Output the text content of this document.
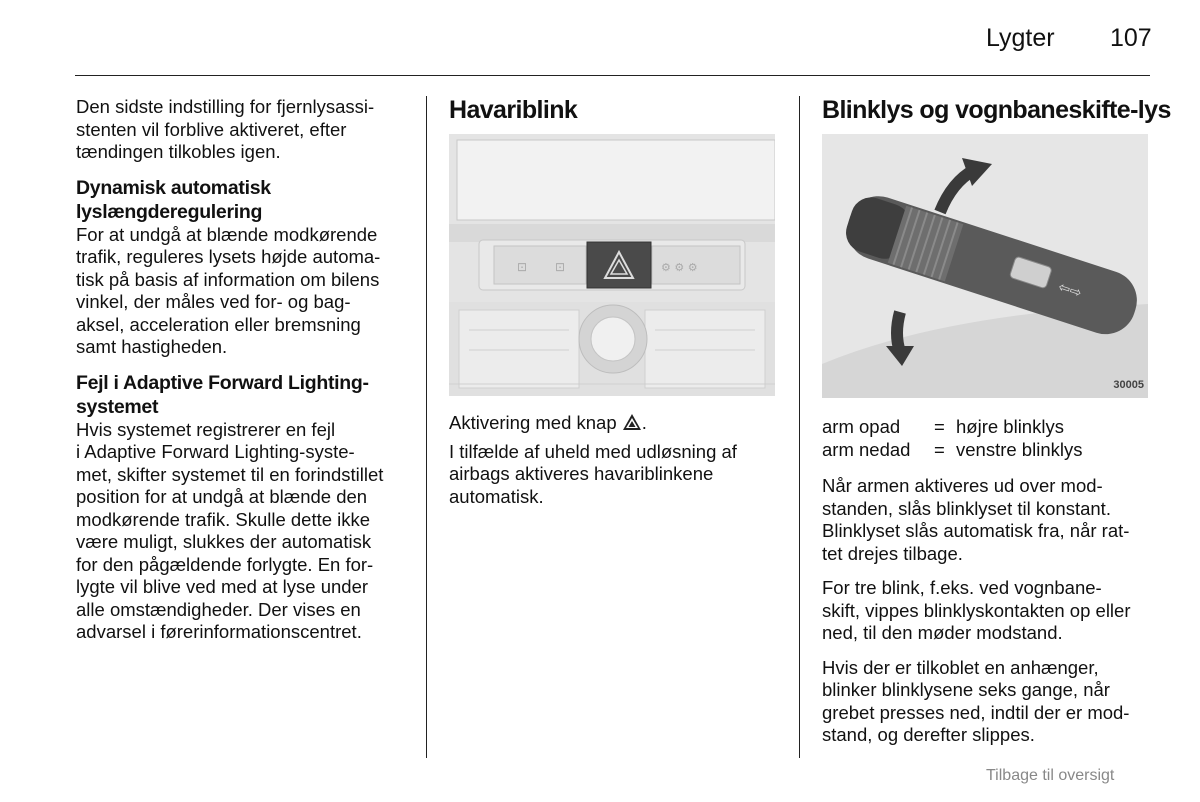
Lygter 107
Den sidste indstilling for fjernlysassi-
stenten vil forblive aktiveret, efter
tændingen tilkobles igen.
Dynamisk automatisk
lyslængderegulering
For at undgå at blænde modkørende
trafik, reguleres lysets højde automa-
tisk på basis af information om bilens
vinkel, der måles ved for- og bag-
aksel, acceleration eller bremsning
samt hastigheden.
Fejl i Adaptive Forward Lighting-
systemet
Hvis systemet registrerer en fejl
i Adaptive Forward Lighting-syste-
met, skifter systemet til en forindstillet
position for at undgå at blænde den
modkørende trafik. Skulle dette ikke
være muligt, slukkes der automatisk
for den pågældende forlygte. En for-
lygte vil blive ved med at lyse under
alle omstændigheder. Der vises en
advarsel i førerinformationscentret.
Havariblink
⊡ ⊡	⚙ ⚙ ⚙
Aktivering med knap .
I tilfælde af uheld med udløsning af
airbags aktiveres havariblinkene
automatisk.
Blinklys og vognbaneskifte-lys
⇦⇨
30005
arm opad	= højre blinklys
arm nedad	= venstre blinklys
Når armen aktiveres ud over mod-
standen, slås blinklyset til konstant.
Blinklyset slås automatisk fra, når rat-
tet drejes tilbage.
For tre blink, f.eks. ved vognbane-
skift, vippes blinklyskontakten op eller
ned, til den møder modstand.
Hvis der er tilkoblet en anhænger,
blinker blinklysene seks gange, når
grebet presses ned, indtil der er mod-
stand, og derefter slippes.
Tilbage til oversigt
